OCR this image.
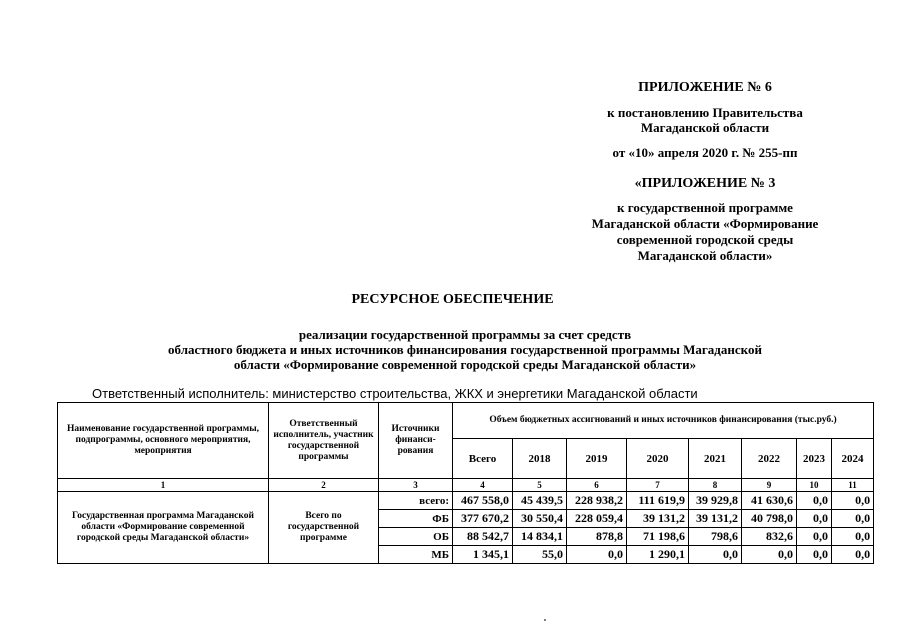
ПРИЛОЖЕНИЕ № 6
к постановлению Правительства
Магаданской области
от «10» апреля 2020 г. № 255-пп
«ПРИЛОЖЕНИЕ № 3
к государственной программе
Магаданской области «Формирование
современной городской среды
Магаданской области»
РЕСУРСНОЕ ОБЕСПЕЧЕНИЕ
реализации государственной программы за счет средств
областного бюджета и иных источников финансирования государственной программы Магаданской
области «Формирование современной городской среды Магаданской области»
Ответственный исполнитель: министерство строительства, ЖКХ и энергетики Магаданской области
Наименование государственной программы, подпрограммы, основного мероприятия, мероприятия	Ответственный исполнитель, участник государственной программы	Источники финанси-рования	Объем бюджетных ассигнований и иных источников финансирования (тыс.руб.)							
			Всего	2018	2019	2020	2021	2022	2023	2024
1	2	3	4	5	6	7	8	9	10	11
Государственная программа Магаданской области «Формирование современной городской среды Магаданской области»	Всего по государственной программе	всего:	467 558,0	45 439,5	228 938,2	111 619,9	39 929,8	41 630,6	0,0	0,0
		ФБ	377 670,2	30 550,4	228 059,4	39 131,2	39 131,2	40 798,0	0,0	0,0
		ОБ	88 542,7	14 834,1	878,8	71 198,6	798,6	832,6	0,0	0,0
		МБ	1 345,1	55,0	0,0	1 290,1	0,0	0,0	0,0	0,0
